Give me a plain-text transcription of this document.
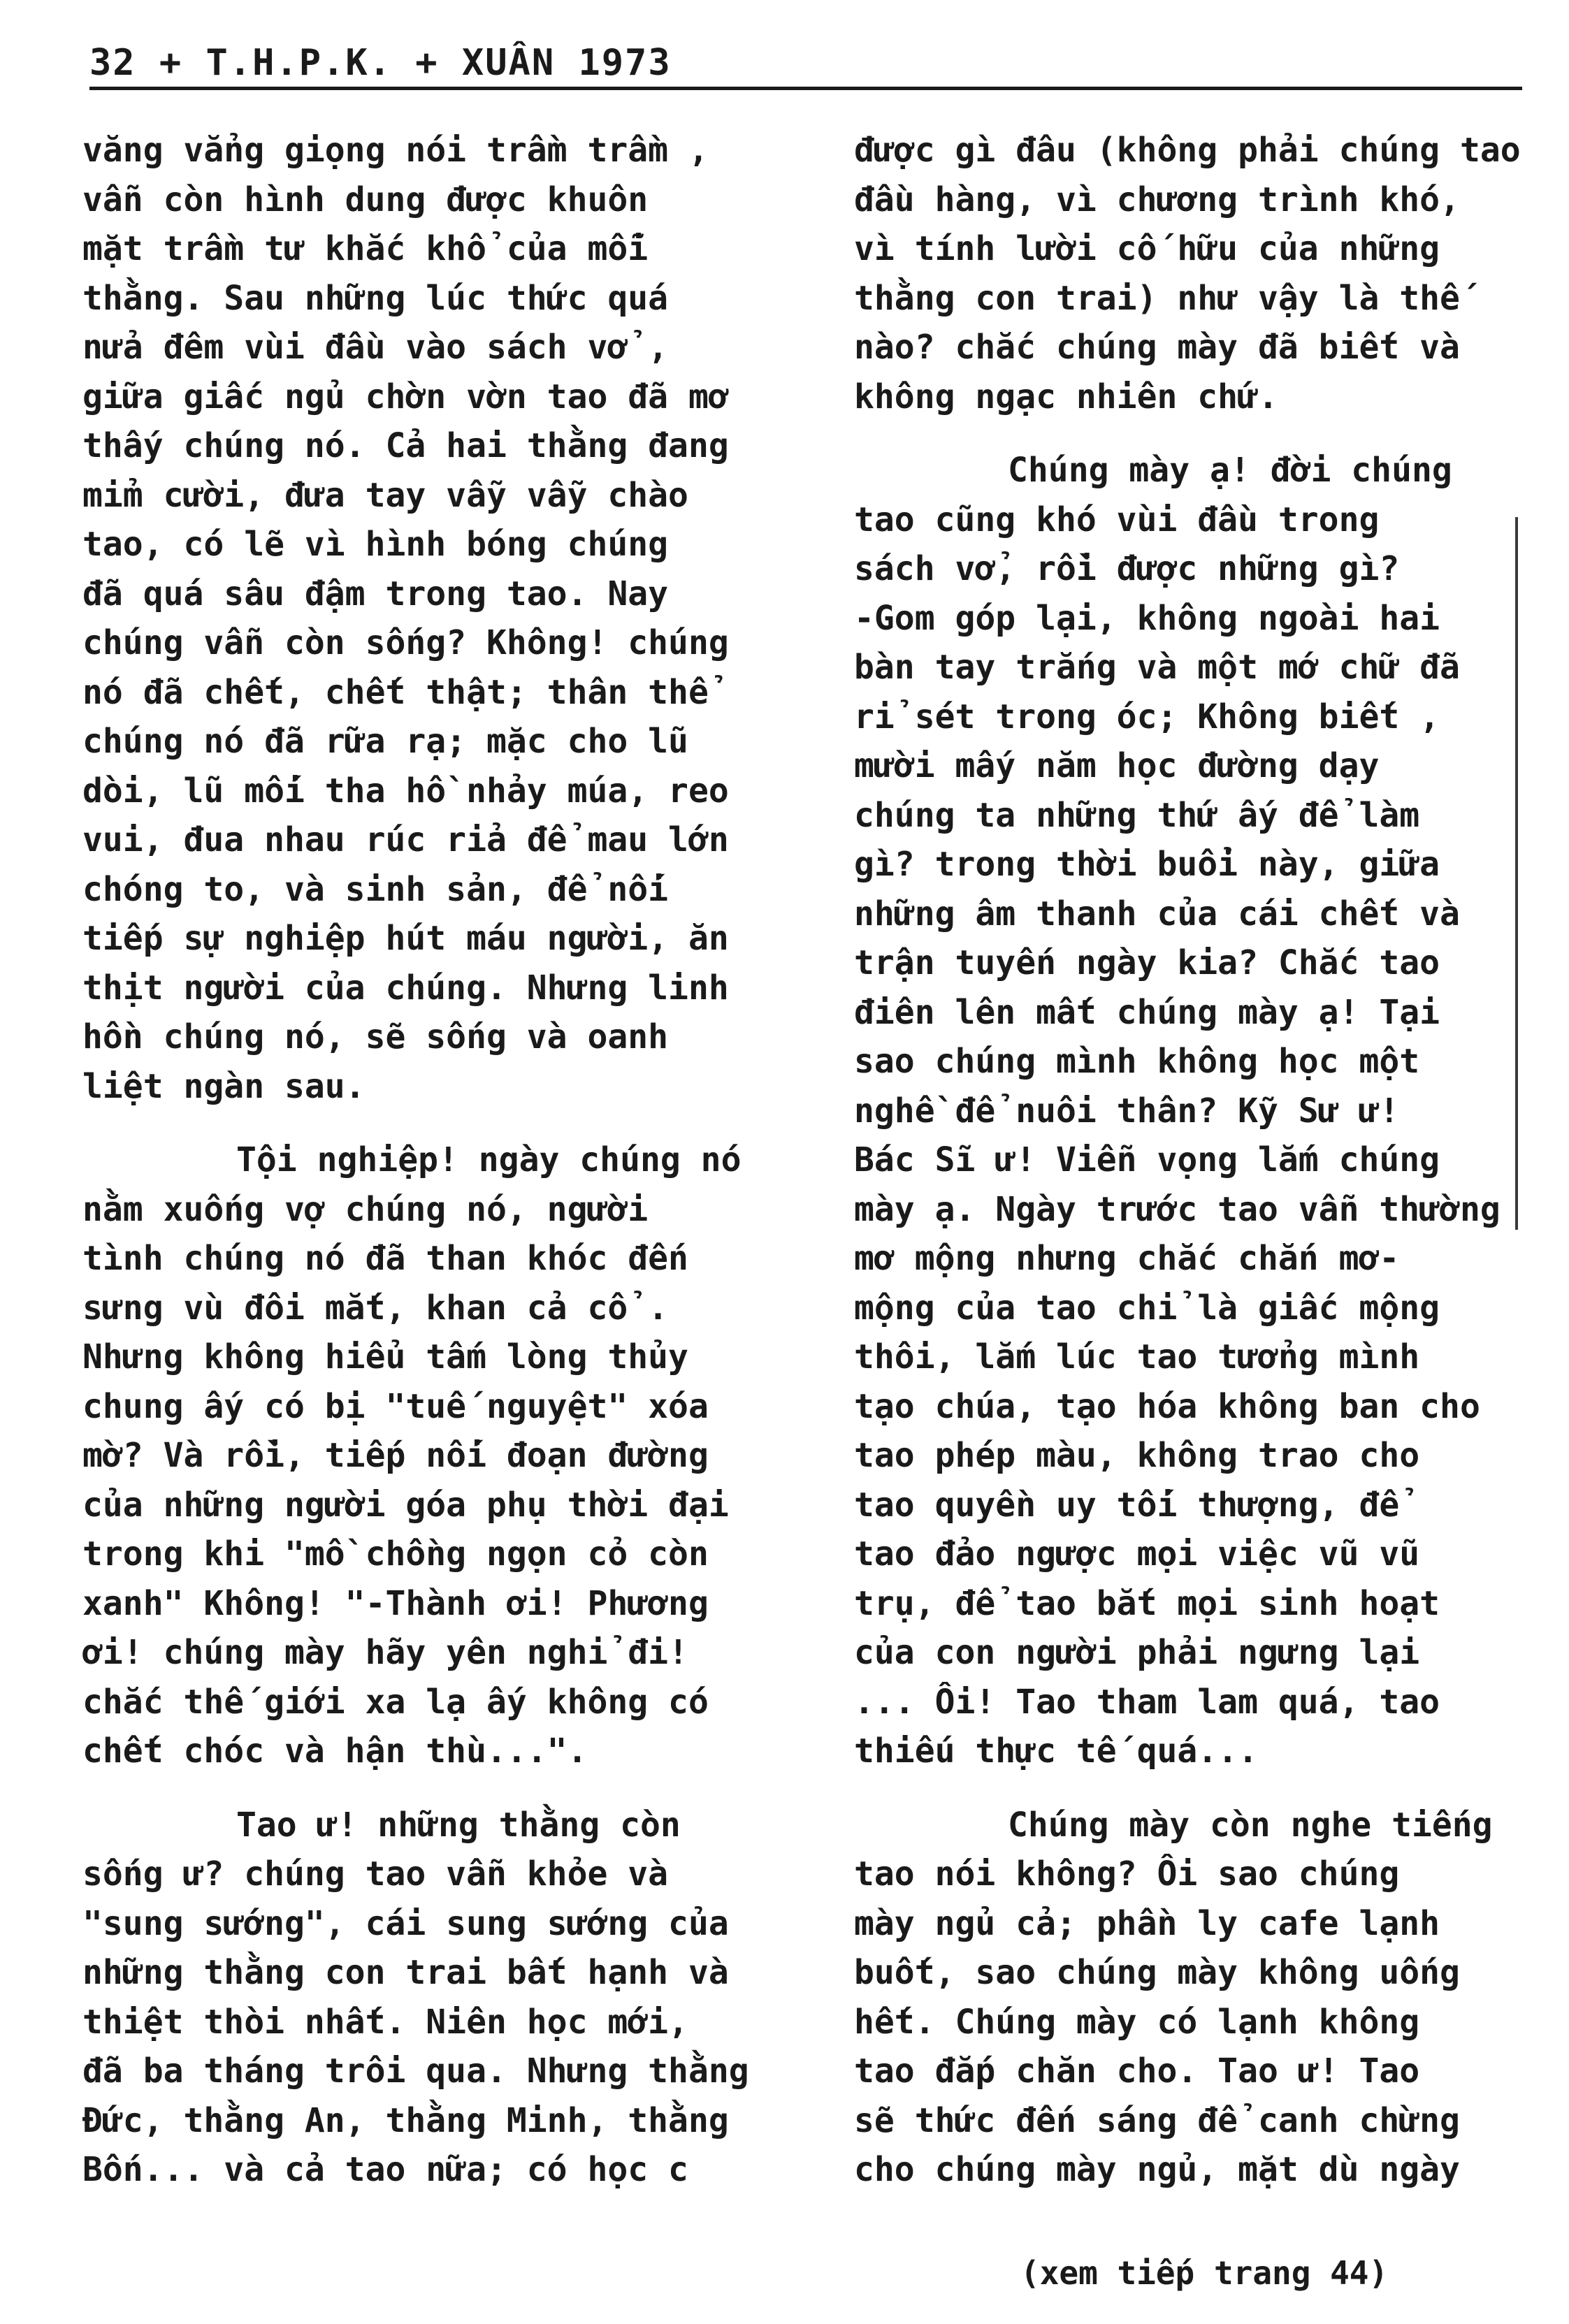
32 + T.H.P.K. + XUÂN 1973
văng vẳng giọng nói trầm trầm ,
vẫn còn hình dung được khuôn
mặt trầm tư khắc khổ của mỗi
thằng. Sau những lúc thức quá
nửa đêm vùi đầu vào sách vở ,
giữa giấc ngủ chờn vờn tao đã mơ
thấy chúng nó. Cả hai thằng đang
mỉm cười, đưa tay vẫy vẫy chào
tao, có lẽ vì hình bóng chúng
đã quá sâu đậm trong tao. Nay
chúng vẫn còn sống? Không! chúng
nó đã chết, chết thật; thân thể
chúng nó đã rữa rạ; mặc cho lũ
dòi, lũ mối tha hồ nhảy múa, reo
vui, đua nhau rúc rỉa để mau lớn
chóng to, và sinh sản, để nối
tiếp sự nghiệp hút máu người, ăn
thịt người của chúng. Nhưng linh
hồn chúng nó, sẽ sống và oanh
liệt ngàn sau.
Tội nghiệp! ngày chúng nó
nằm xuống vợ chúng nó, người
tình chúng nó đã than khóc đến
sưng vù đôi mắt, khan cả cổ .
Nhưng không hiểu tấm lòng thủy
chung ấy có bị "tuế nguyệt" xóa
mờ? Và rồi, tiếp nối đoạn đường
của những người góa phụ thời đại
trong khi "mồ chồng ngọn cỏ còn
xanh" Không! "-Thành ơi! Phương
ơi! chúng mày hãy yên nghỉ đi!
chắc thế giới xa lạ ấy không có
chết chóc và hận thù...".
Tao ư! những thằng còn
sống ư? chúng tao vẫn khỏe và
"sung sướng", cái sung sướng của
những thằng con trai bất hạnh và
thiệt thòi nhất. Niên học mới,
đã ba tháng trôi qua. Nhưng thằng
Đức, thằng An, thằng Minh, thằng
Bốn... và cả tao nữa; có học c
được gì đâu (không phải chúng tao
đầu hàng, vì chương trình khó,
vì tính lười cố hữu của những
thằng con trai) như vậy là thế
nào? chắc chúng mày đã biết và
không ngạc nhiên chứ.
Chúng mày ạ! đời chúng
tao cũng khó vùi đầu trong
sách vở, rồi được những gì?
-Gom góp lại, không ngoài hai
bàn tay trắng và một mớ chữ đã
rỉ sét trong óc; Không biết ,
mười mấy năm học đường dạy
chúng ta những thứ ấy để làm
gì? trong thời buổi này, giữa
những âm thanh của cái chết và
trận tuyến ngày kia? Chắc tao
điên lên mất chúng mày ạ! Tại
sao chúng mình không học một
nghề để nuôi thân? Kỹ Sư ư!
Bác Sĩ ư! Viễn vọng lắm chúng
mày ạ. Ngày trước tao vẫn thường
mơ mộng nhưng chắc chắn mơ-
mộng của tao chỉ là giấc mộng
thôi, lắm lúc tao tưởng mình
tạo chúa, tạo hóa không ban cho
tao phép màu, không trao cho
tao quyền uy tối thượng, để
tao đảo ngược mọi việc vũ vũ
trụ, để tao bắt mọi sinh hoạt
của con người phải ngưng lại
... Ôi! Tao tham lam quá, tao
thiếu thực tế quá...
Chúng mày còn nghe tiếng
tao nói không? Ôi sao chúng
mày ngủ cả; phần ly cafe lạnh
buốt, sao chúng mày không uống
hết. Chúng mày có lạnh không
tao đắp chăn cho. Tao ư! Tao
sẽ thức đến sáng để canh chừng
cho chúng mày ngủ, mặt dù ngày
(xem tiếp trang 44)
